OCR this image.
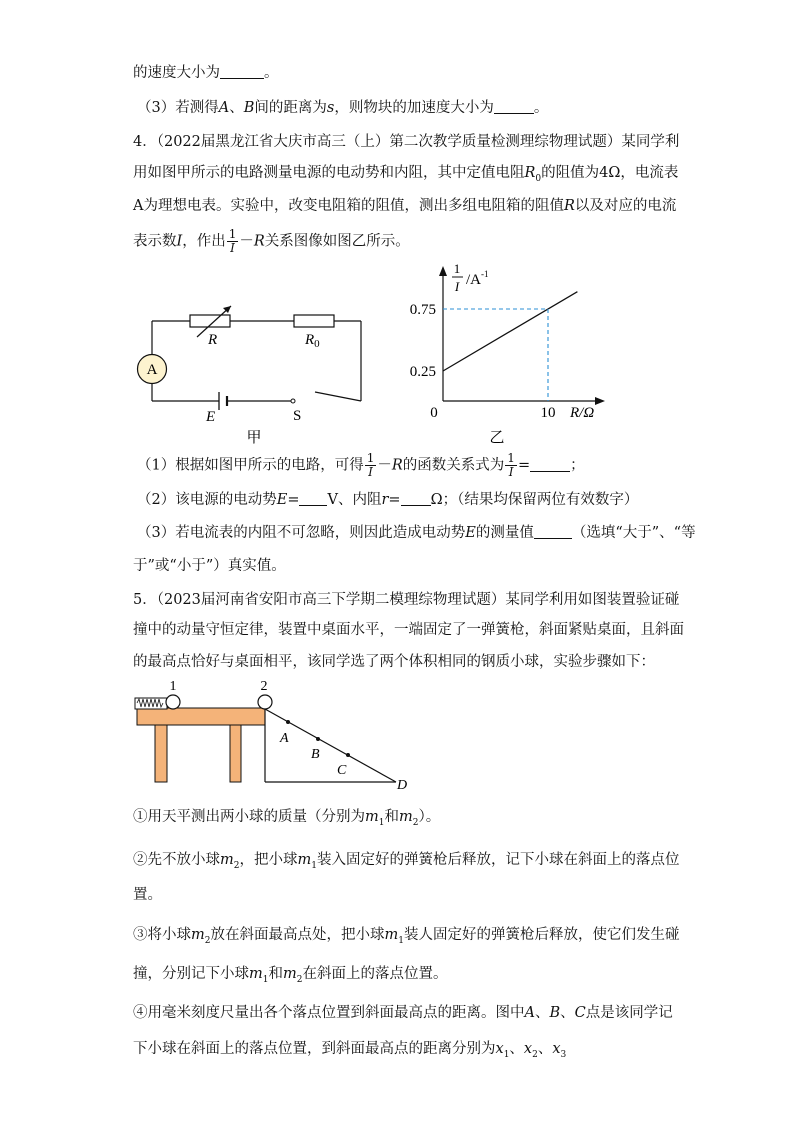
的速度大小为	。
（3）若测得A、B间的距离为s，则物块的加速度大小为	。
4．（2022届黑龙江省大庆市高三（上）第二次教学质量检测理综物理试题）某同学利
用如图甲所示的电路测量电源的电动势和内阻，其中定值电阻$R_0$的阻值为4Ω，电流表
A为理想电表。实验中，改变电阻箱的阻值，测出多组电阻箱的阻值R以及对应的电流
表示数I，作出 $\frac{1}{I} -R$关系图像如图乙所示。
A
R	$R_0$
E	S
甲
1
I $/A^{-1}$
0.75
0.25
0	10 R/Ω
乙
（1）根据如图甲所示的电路，可得 $\frac{1}{I} -R$的函数关系式为 $\frac{1}{I}$ =	；
（2）该电源的电动势E= V、内阻r= Ω；（结果均保留两位有效数字）
（3）若电流表的内阻不可忽略，则因此造成电动势E的测量值	（选填“大于”、“等
于”或“小于”）真实值。
5．（2023届河南省安阳市高三下学期二模理综物理试题）某同学利用如图装置验证碰
撞中的动量守恒定律，装置中桌面水平，一端固定了一弹簧枪，斜面紧贴桌面，且斜面
的最高点恰好与桌面相平，该同学选了两个体积相同的钢质小球，实验步骤如下：
1	2
A
B
C
D
①用天平测出两小球的质量（分别为$m_1$和$m_2$）。
②先不放小球$m_2$，把小球$m_1$装入固定好的弹簧枪后释放，记下小球在斜面上的落点位
置。
③将小球$m_2$放在斜面最高点处，把小球$m_1$装人固定好的弹簧枪后释放，使它们发生碰
撞，分别记下小球$m_1$和$m_2$在斜面上的落点位置。
④用毫米刻度尺量出各个落点位置到斜面最高点的距离。图中A、B、C点是该同学记
下小球在斜面上的落点位置，到斜面最高点的距离分别为$x_1$、$x_2$、$x_3$
